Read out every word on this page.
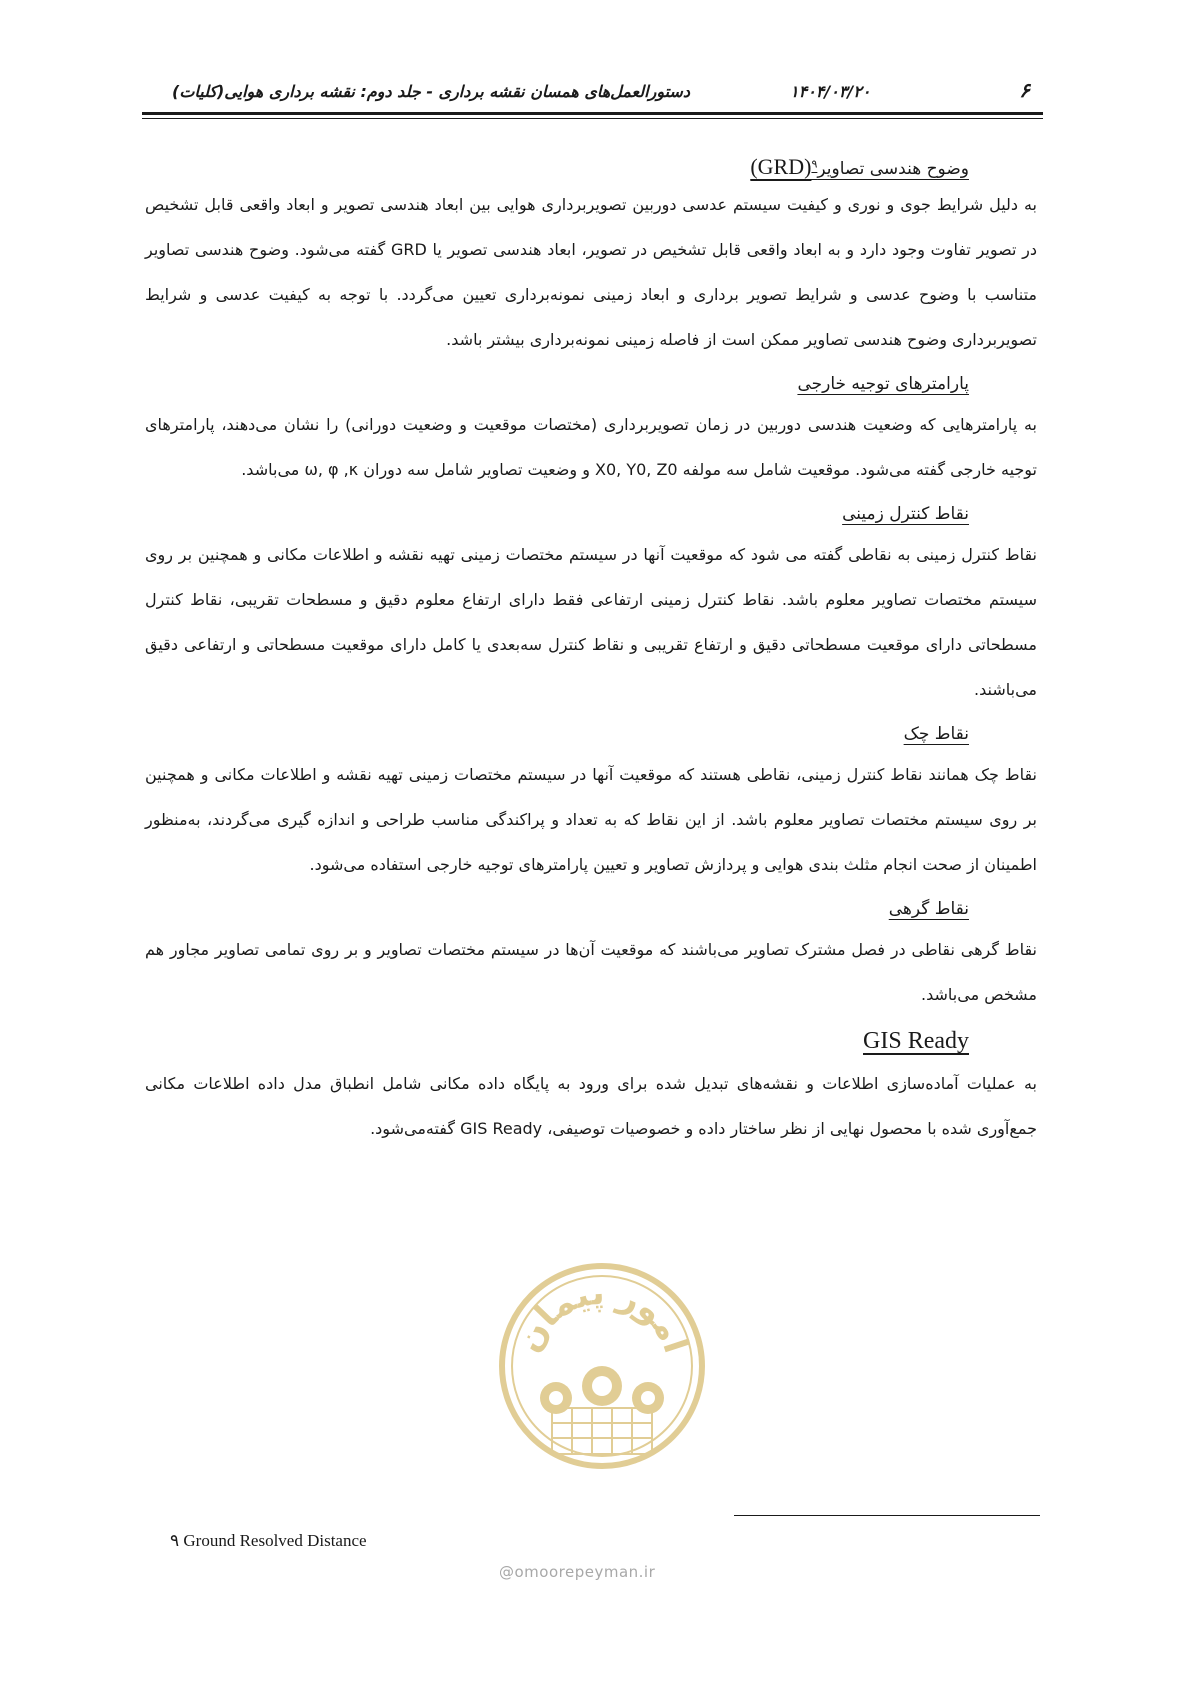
دستورالعمل‌های همسان نقشه برداری - جلد دوم: نقشه برداری هوایی(کلیات)	۱۴۰۴/۰۳/۲۰	۶
وضوح هندسی تصاویر$^۹$(GRD)

به دلیل شرایط جوی و نوری و کیفیت سیستم عدسی دوربین تصویربرداری هوایی بین ابعاد هندسی تصویر و ابعاد واقعی قابل تشخیص در تصویر تفاوت وجود دارد و به ابعاد واقعی قابل تشخیص در تصویر، ابعاد هندسی تصویر یا GRD گفته می‌شود. وضوح هندسی تصاویر متناسب با وضوح عدسی و شرایط تصویر برداری و ابعاد زمینی نمونه‌برداری تعیین می‌گردد. با توجه به کیفیت عدسی و شرایط تصویربرداری وضوح هندسی تصاویر ممکن است از فاصله زمینی نمونه‌برداری بیشتر باشد.

پارامترهای توجیه خارجی

به پارامترهایی که وضعیت هندسی دوربین در زمان تصویربرداری (مختصات موقعیت و وضعیت دورانی) را نشان می‌دهند، پارامترهای توجیه خارجی گفته می‌شود. موقعیت شامل سه مولفه X0, Y0, Z0 و وضعیت تصاویر شامل سه دوران ω, φ ,κ می‌باشد.

نقاط کنترل زمینی

نقاط کنترل زمینی به نقاطی گفته می شود که موقعیت آنها در سیستم مختصات زمینی تهیه نقشه و اطلاعات مکانی و همچنین بر روی سیستم مختصات تصاویر معلوم باشد. نقاط کنترل زمینی ارتفاعی فقط دارای ارتفاع معلوم دقیق و مسطحات تقریبی، نقاط کنترل مسطحاتی دارای موقعیت مسطحاتی دقیق و ارتفاع تقریبی و نقاط کنترل سه‌بعدی یا کامل دارای موقعیت مسطحاتی و ارتفاعی دقیق می‌باشند.

نقاط چک

نقاط چک همانند نقاط کنترل زمینی، نقاطی هستند که موقعیت آنها در سیستم مختصات زمینی تهیه نقشه و اطلاعات مکانی و همچنین بر روی سیستم مختصات تصاویر معلوم باشد. از این نقاط که به تعداد و پراکندگی مناسب طراحی و اندازه گیری می‌گردند، به‌منظور اطمینان از صحت انجام مثلث بندی هوایی و پردازش تصاویر و تعیین پارامترهای توجیه خارجی استفاده می‌شود.

نقاط گرهی

نقاط گرهی نقاطی در فصل مشترک تصاویر می‌باشند که موقعیت آن‌ها در سیستم مختصات تصاویر و بر روی تمامی تصاویر مجاور هم مشخص می‌باشد.

GIS Ready

به عملیات آماده‌سازی اطلاعات و نقشه‌های تبدیل شده برای ورود به پایگاه داده مکانی شامل انطباق مدل داده اطلاعات مکانی جمع‌آوری شده با محصول نهایی از نظر ساختار داده و خصوصیات توصیفی، GIS Ready گفته‌می‌شود.

امور پیمان
@omoorepeyman.ir
۹ Ground Resolved Distance
